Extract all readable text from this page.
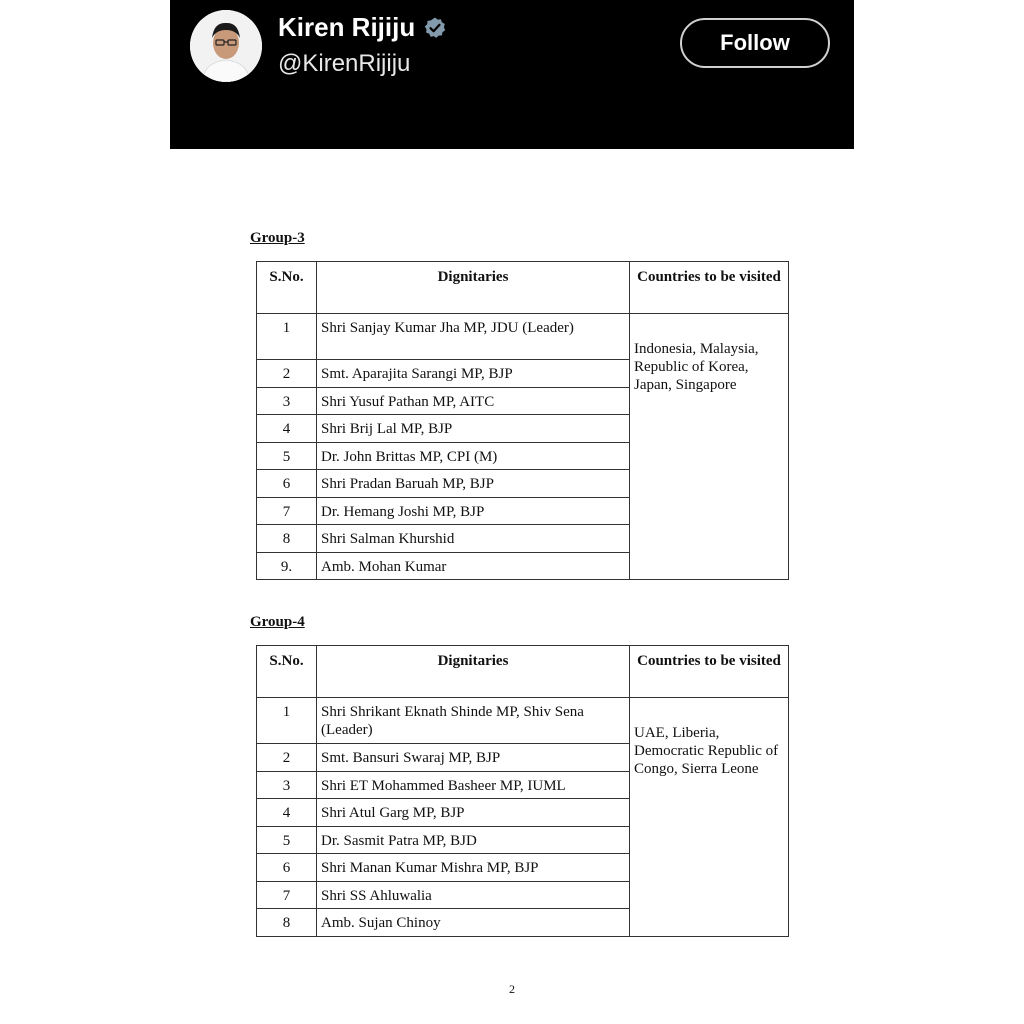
Kiren Rijiju
@KirenRijiju
Follow
Group-3
S.No.	Dignitaries	Countries to be visited
1	Shri Sanjay Kumar Jha MP, JDU (Leader)	Indonesia, Malaysia, Republic of Korea, Japan, Singapore
2	Smt. Aparajita Sarangi MP, BJP	
3	Shri Yusuf Pathan MP, AITC	
4	Shri Brij Lal MP, BJP	
5	Dr. John Brittas MP, CPI (M)	
6	Shri Pradan Baruah MP, BJP	
7	Dr. Hemang Joshi MP, BJP	
8	Shri Salman Khurshid	
9.	Amb. Mohan Kumar	
Group-4
S.No.	Dignitaries	Countries to be visited
1	Shri Shrikant Eknath Shinde MP, Shiv Sena (Leader)	UAE, Liberia, Democratic Republic of Congo, Sierra Leone
2	Smt. Bansuri Swaraj MP, BJP	
3	Shri ET Mohammed Basheer MP, IUML	
4	Shri Atul Garg MP, BJP	
5	Dr. Sasmit Patra MP, BJD	
6	Shri Manan Kumar Mishra MP, BJP	
7	Shri SS Ahluwalia	
8	Amb. Sujan Chinoy	
2
